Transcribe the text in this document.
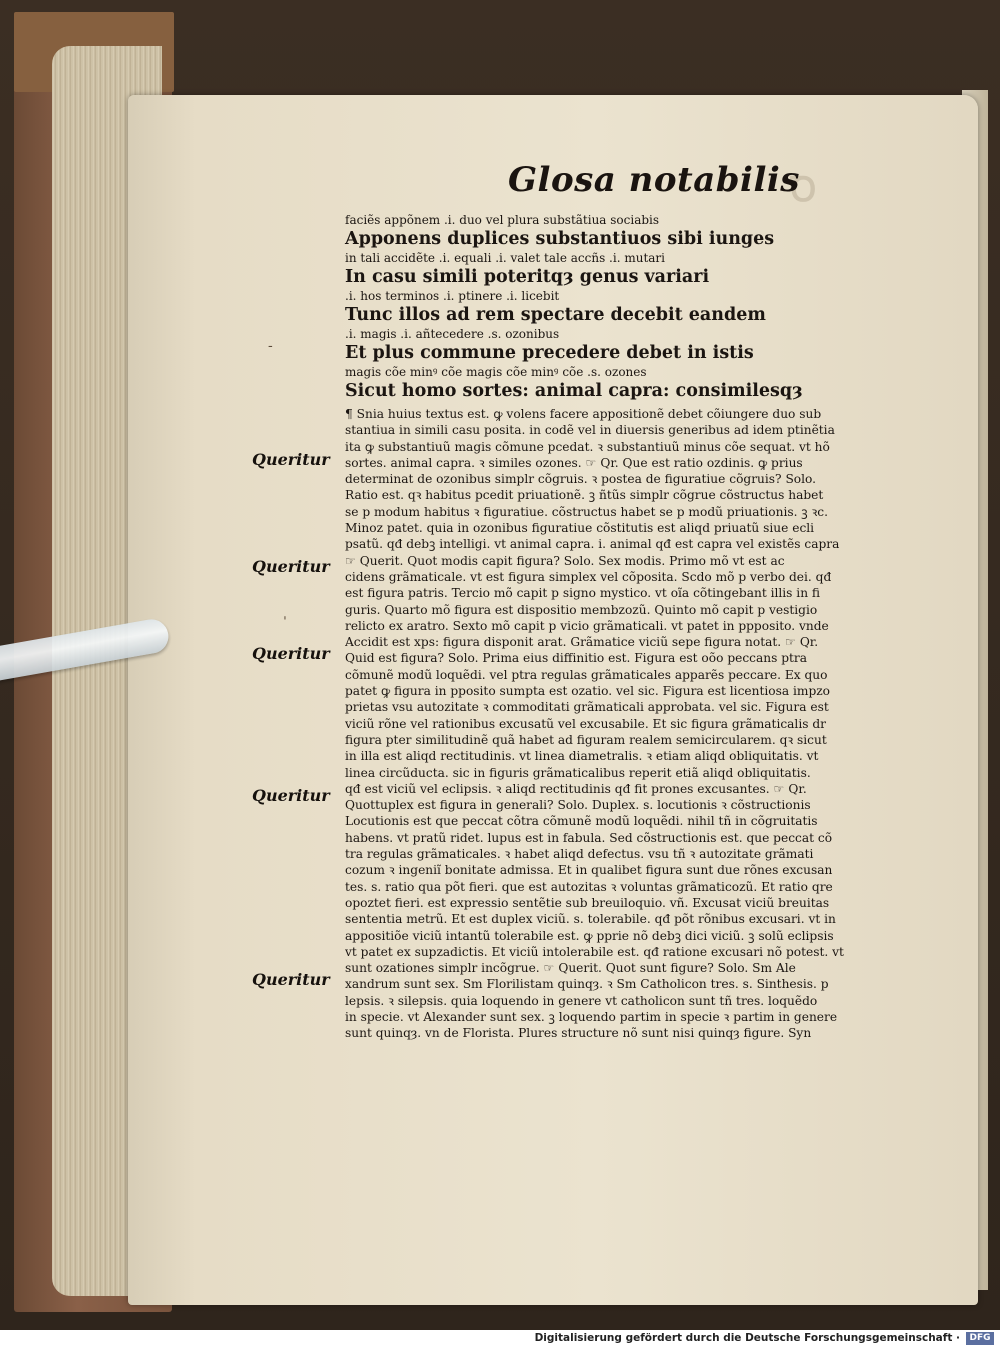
Ꝺ
Glosa notabilis
faciẽs appõnem .i. duo vel plura substãtiua sociabis
Apponens duplices substantiuos sibi iunges
in tali accidẽte .i. equali .i. valet tale accñs .i. mutari
In casu simili poteritqȝ genus variari
.i. hos terminos .i. ptinere .i. licebit
Tunc illos ad rem spectare decebit eandem
.i. magis .i. añtecedere .s. ozonibus
Et plus commune precedere debet in istis
magis cõe minꝰ cõe magis cõe minꝰ cõe .s. ozones
Sicut homo sortes: animal capra: consimilesqȝ
¶ Snia huius textus est. ꝙ volens facere appositionẽ debet cõiungere duo sub
stantiua in simili casu posita. in codẽ vel in diuersis generibus ad idem ptinẽtia
ita ꝙ substantiuũ magis cõmune pcedat. ꝛ substantiuũ minus cõe sequat. vt hõ
sortes. animal capra. ꝛ similes ozones. ☞ Qr. Que est ratio ozdinis. ꝙ prius
determinat de ozonibus simplr cõgruis. ꝛ postea de figuratiue cõgruis? Solo.
Ratio est. qꝛ habitus pcedit priuationẽ. ꝫ ñtũs simplr cõgrue cõstructus habet
se p modum habitus ꝛ figuratiue. cõstructus habet se p modũ priuationis. ꝫ ꝛc.
Minoz patet. quia in ozonibus figuratiue cõstitutis est aliqd priuatũ siue ecli
psatũ. qđ debꝫ intelligi. vt animal capra. i. animal qđ est capra vel existẽs capra
☞ Querit. Quot modis capit figura? Solo. Sex modis. Primo mõ vt est ac
cidens grãmaticale. vt est figura simplex vel cõposita. Scdo mõ p verbo dei. qđ
est figura patris. Tercio mõ capit p signo mystico. vt oĩa cõtingebant illis in fi
guris. Quarto mõ figura est dispositio membzozũ. Quinto mõ capit p vestigio
relicto ex aratro. Sexto mõ capit p vicio grãmaticali. vt patet in ppposito. vnde
Accidit est xps: figura disponit arat. Grãmatice viciũ sepe figura notat. ☞ Qr.
Quid est figura? Solo. Prima eius diffinitio est. Figura est oõo peccans ptra
cõmunẽ modũ loquẽdi. vel ptra regulas grãmaticales apparẽs peccare. Ex quo
patet ꝙ figura in pposito sumpta est ozatio. vel sic. Figura est licentiosa impzo
prietas vsu autozitate ꝛ commoditati grãmaticali approbata. vel sic. Figura est
viciũ rõne vel rationibus excusatũ vel excusabile. Et sic figura grãmaticalis dr
figura pter similitudinẽ quã habet ad figuram realem semicircularem. qꝛ sicut
in illa est aliqd rectitudinis. vt linea diametralis. ꝛ etiam aliqd obliquitatis. vt
linea circũducta. sic in figuris grãmaticalibus reperit etiã aliqd obliquitatis.
qđ est viciũ vel eclipsis. ꝛ aliqd rectitudinis qđ fit prones excusantes. ☞ Qr.
Quottuplex est figura in generali? Solo. Duplex. s. locutionis ꝛ cõstructionis
Locutionis est que peccat cõtra cõmunẽ modũ loquẽdi. nihil tñ in cõgruitatis
habens. vt pratũ ridet. lupus est in fabula. Sed cõstructionis est. que peccat cõ
tra regulas grãmaticales. ꝛ habet aliqd defectus. vsu tñ ꝛ autozitate grãmati
cozum ꝛ ingeniĩ bonitate admissa. Et in qualibet figura sunt due rõnes excusan
tes. s. ratio qua põt fieri. que est autozitas ꝛ voluntas grãmaticozũ. Et ratio qre
opoztet fieri. est expressio sentẽtie sub breuiloquio. vñ. Excusat viciũ breuitas
sententia metrũ. Et est duplex viciũ. s. tolerabile. qđ põt rõnibus excusari. vt in
appositiõe viciũ intantũ tolerabile est. ꝙ pprie nõ debꝫ dici viciũ. ꝫ solũ eclipsis
vt patet ex supzadictis. Et viciũ intolerabile est. qđ ratione excusari nõ potest. vt
sunt ozationes simplr incõgrue. ☞ Querit. Quot sunt figure? Solo. Sm Ale
xandrum sunt sex. Sm Florilistam quinqȝ. ꝛ Sm Catholicon tres. s. Sinthesis. p
lepsis. ꝛ silepsis. quia loquendo in genere vt catholicon sunt tñ tres. loquẽdo
in specie. vt Alexander sunt sex. ꝫ loquendo partim in specie ꝛ partim in genere
sunt quinqȝ. vn de Florista. Plures structure nõ sunt nisi quinqȝ figure. Syn
Queritur
Queritur
Queritur
Queritur
Queritur
ˌ
‐
Digitalisierung gefördert durch die Deutsche Forschungsgemeinschaft ·	DFG
